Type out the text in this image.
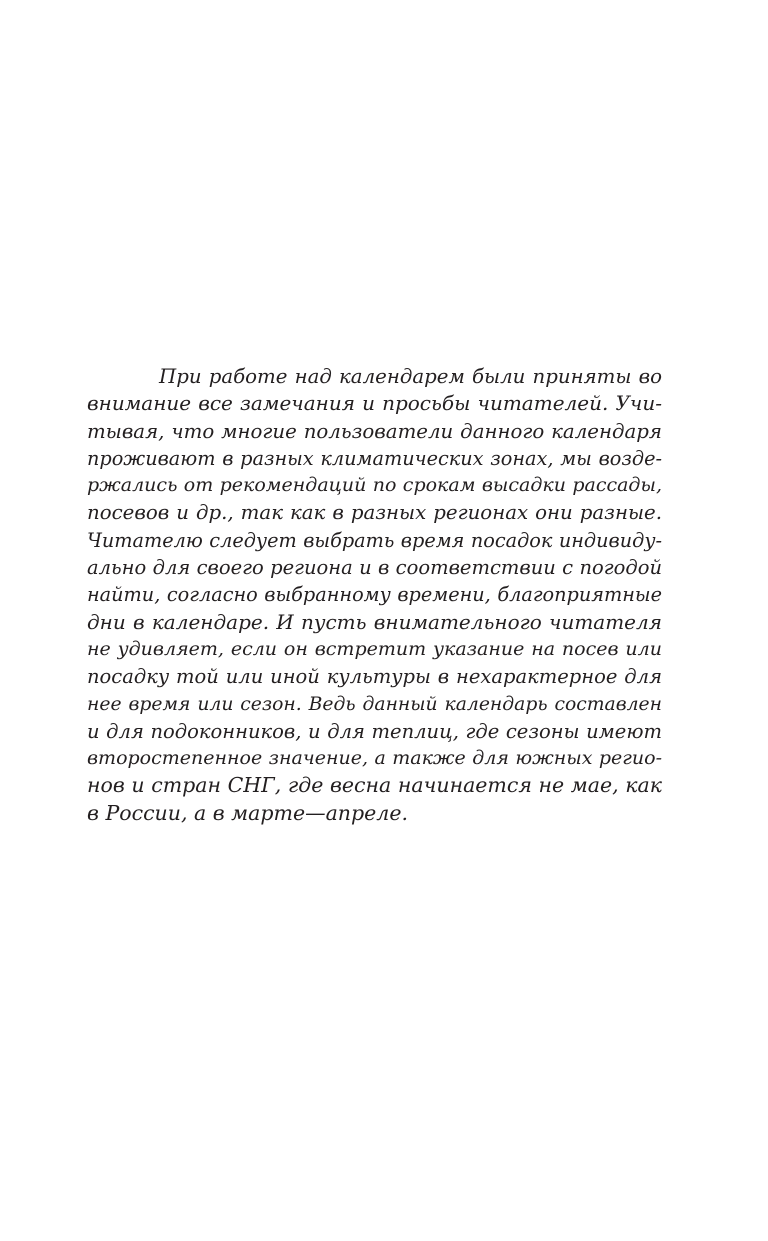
При работе над календарем были приняты во
внимание все замечания и просьбы читателей. Учи-
тывая, что многие пользователи данного календаря
проживают в разных климатических зонах, мы возде-
ржались от рекомендаций по срокам высадки рассады,
посевов и др., так как в разных регионах они разные.
Читателю следует выбрать время посадок индивиду-
ально для своего региона и в соответствии с погодой
найти, согласно выбранному времени, благоприятные
дни в календаре. И пусть внимательного читателя
не удивляет, если он встретит указание на посев или
посадку той или иной культуры в нехарактерное для
нее время или сезон. Ведь данный календарь составлен
и для подоконников, и для теплиц, где сезоны имеют
второстепенное значение, а также для южных регио-
нов и стран СНГ, где весна начинается не мае, как
в России, а в марте—апреле.
